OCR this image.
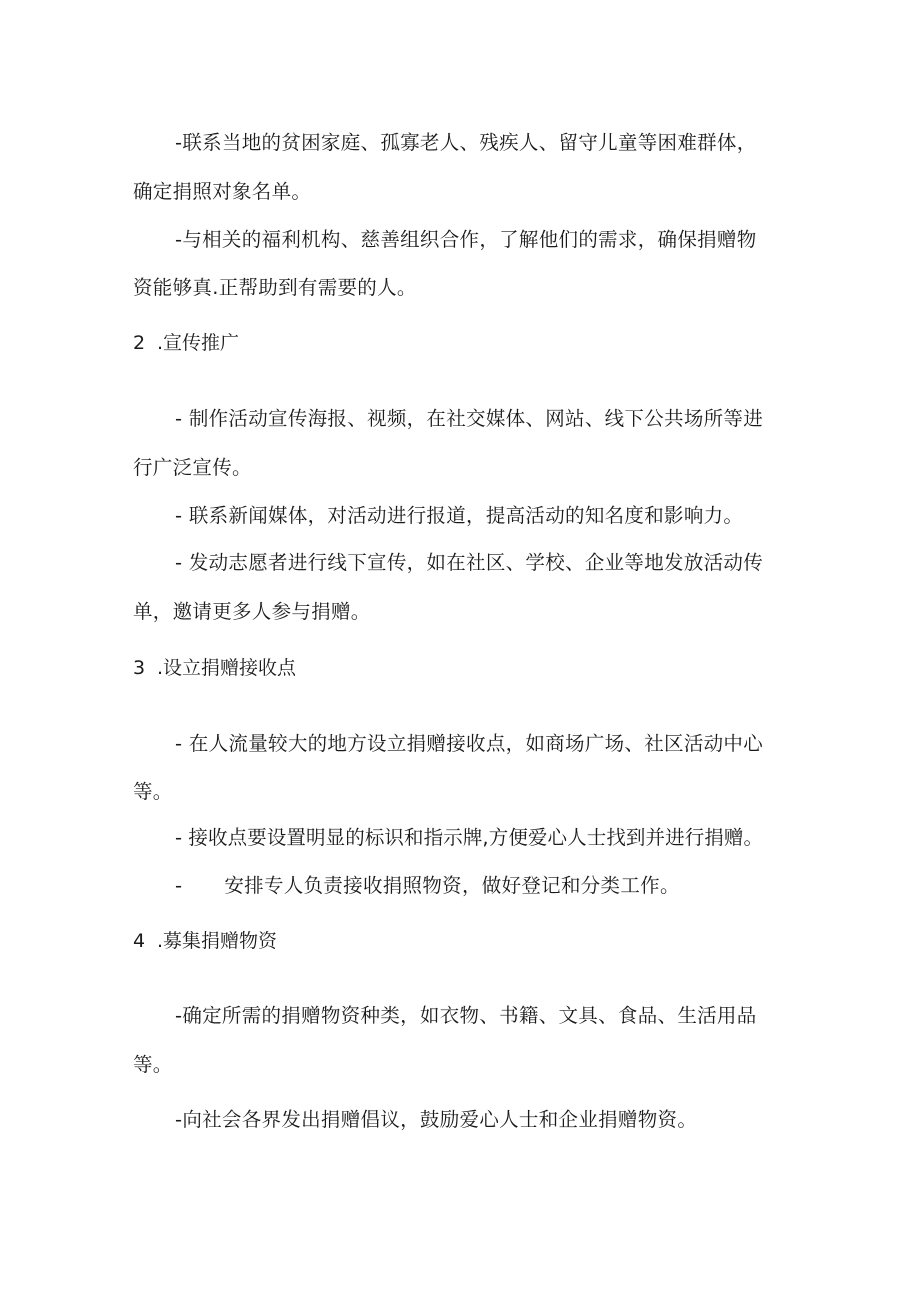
-联系当地的贫困家庭、孤寡老人、残疾人、留守儿童等困难群体，
确定捐照对象名单。
-与相关的福利机构、慈善组织合作，了解他们的需求，确保捐赠物
资能够真.正帮助到有需要的人。
2 .宣传推广
- 制作活动宣传海报、视频，在社交媒体、网站、线下公共场所等进
行广泛宣传。
- 联系新闻媒体，对活动进行报道，提高活动的知名度和影响力。
- 发动志愿者进行线下宣传，如在社区、学校、企业等地发放活动传
单，邀请更多人参与捐赠。
3 .设立捐赠接收点
- 在人流量较大的地方设立捐赠接收点，如商场广场、社区活动中心
等。
- 接收点要设置明显的标识和指示牌,方便爱心人士找到并进行捐赠。
- 安排专人负责接收捐照物资，做好登记和分类工作。
4 .募集捐赠物资
-确定所需的捐赠物资种类，如衣物、书籍、文具、食品、生活用品
等。
-向社会各界发出捐赠倡议，鼓励爱心人士和企业捐赠物资。
